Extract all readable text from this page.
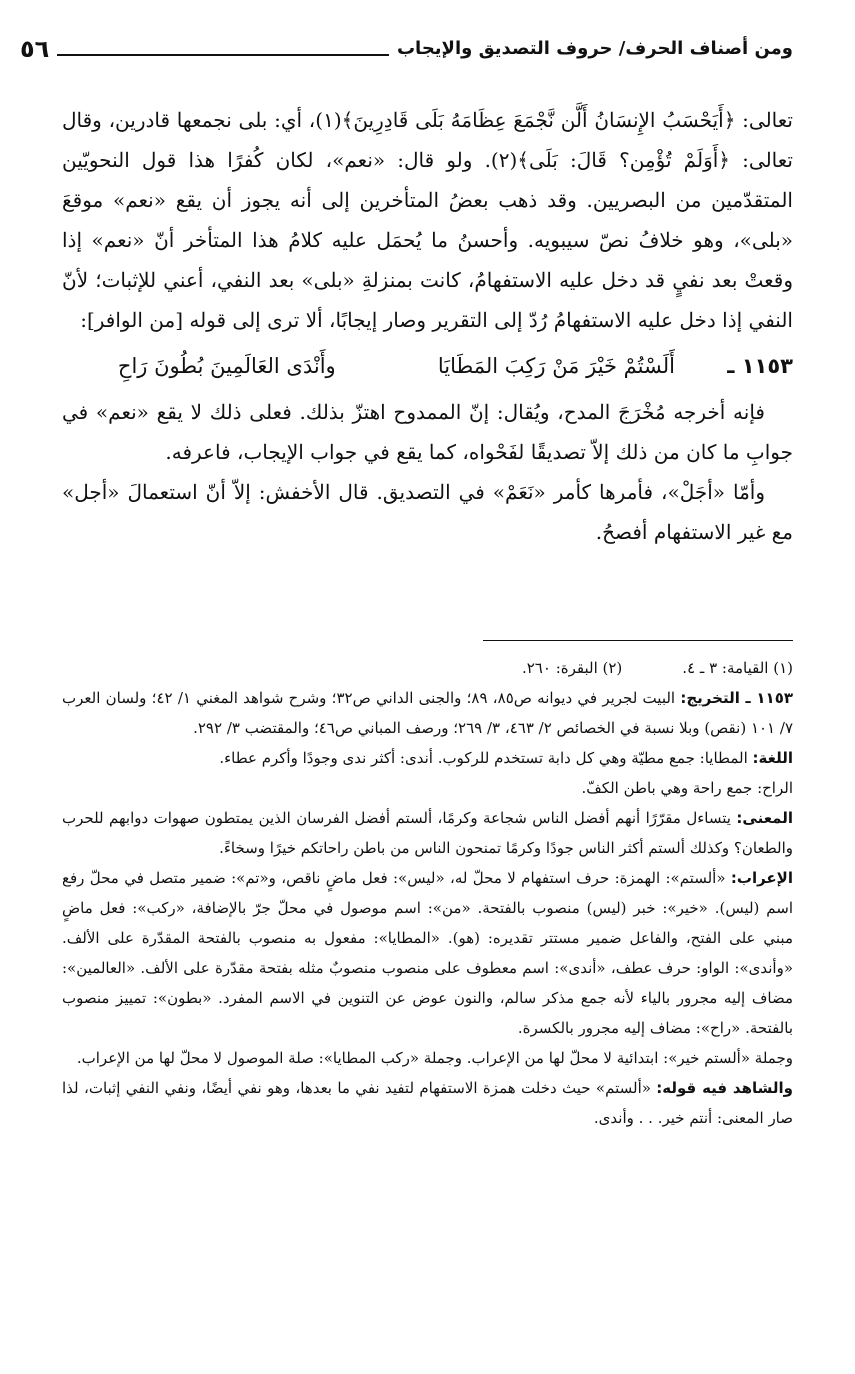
ومن أصناف الحرف/ حروف التصديق والإيجاب
٥٦

تعالى: ﴿أَيَحْسَبُ الإِنسَانُ أَلَّن نَّجْمَعَ عِظَامَهُ بَلَى قَادِرِينَ﴾(١)، أي: بلى نجمعها قادرين، وقال تعالى: ﴿أَوَلَمْ تُؤْمِن؟ قَالَ: بَلَى﴾(٢). ولو قال: «نعم»، لكان كُفرًا هذا قول النحويّين المتقدّمين من البصريين. وقد ذهب بعضُ المتأخرين إلى أنه يجوز أن يقع «نعم» موقعَ «بلى»، وهو خلافُ نصّ سيبويه. وأحسنُ ما يُحمَل عليه كلامُ هذا المتأخر أنّ «نعم» إذا وقعتْ بعد نفيٍ قد دخل عليه الاستفهامُ، كانت بمنزلةِ «بلى» بعد النفي، أعني للإثبات؛ لأنّ النفي إذا دخل عليه الاستفهامُ رُدّ إلى التقرير وصار إيجابًا، ألا ترى إلى قوله [من الوافر]:

١١٥٣ ـ
أَلَسْتُمْ خَيْرَ مَنْ رَكِبَ المَطَايَا
وأَنْدَى العَالَمِينَ بُطُونَ رَاحِ

فإنه أخرجه مُخْرَجَ المدح، ويُقال: إنّ الممدوح اهتزّ بذلك. فعلى ذلك لا يقع «نعم» في جوابِ ما كان من ذلك إلاّ تصديقًا لفَحْواه، كما يقع في جواب الإيجاب، فاعرفه.

وأمّا «أجَلْ»، فأمرها كأمر «نَعَمْ» في التصديق. قال الأخفش: إلاّ أنّ استعمالَ «أجل» مع غير الاستفهام أفصحُ.

(١) القيامة: ٣ ـ ٤.
(٢) البقرة: ٢٦٠.

١١٥٣ ـ التخريج: البيت لجرير في ديوانه ص٨٥، ٨٩؛ والجنى الداني ص٣٢؛ وشرح شواهد المغني ١/ ٤٢؛ ولسان العرب ٧/ ١٠١ (نقص) وبلا نسبة في الخصائص ٢/ ٤٦٣، ٣/ ٢٦٩؛ ورصف المباني ص٤٦؛ والمقتضب ٣/ ٢٩٢.

اللغة: المطايا: جمع مطيّة وهي كل دابة تستخدم للركوب. أندى: أكثر ندى وجودًا وأكرم عطاء.

الراح: جمع راحة وهي باطن الكفّ.

المعنى: يتساءل مقرّرًا أنهم أفضل الناس شجاعة وكرمًا، ألستم أفضل الفرسان الذين يمتطون صهوات دوابهم للحرب والطعان؟ وكذلك ألستم أكثر الناس جودًا وكرمًا تمنحون الناس من باطن راحاتكم خيرًا وسخاءً.

الإعراب: «ألستم»: الهمزة: حرف استفهام لا محلّ له، «ليس»: فعل ماضٍ ناقص، و«تم»: ضمير متصل في محلّ رفع اسم (ليس). «خير»: خبر (ليس) منصوب بالفتحة. «من»: اسم موصول في محلّ جرّ بالإضافة، «ركب»: فعل ماضٍ مبني على الفتح، والفاعل ضمير مستتر تقديره: (هو). «المطايا»: مفعول به منصوب بالفتحة المقدّرة على الألف. «وأندى»: الواو: حرف عطف، «أندى»: اسم معطوف على منصوب منصوبٌ مثله بفتحة مقدّرة على الألف. «العالمين»: مضاف إليه مجرور بالياء لأنه جمع مذكر سالم، والنون عوض عن التنوين في الاسم المفرد. «بطون»: تمييز منصوب بالفتحة. «راح»: مضاف إليه مجرور بالكسرة.

وجملة «ألستم خير»: ابتدائية لا محلّ لها من الإعراب. وجملة «ركب المطايا»: صلة الموصول لا محلّ لها من الإعراب.

والشاهد فيه قوله: «ألستم» حيث دخلت همزة الاستفهام لتفيد نفي ما بعدها، وهو نفي أيضًا، ونفي النفي إثبات، لذا صار المعنى: أنتم خير. . . وأندى.
